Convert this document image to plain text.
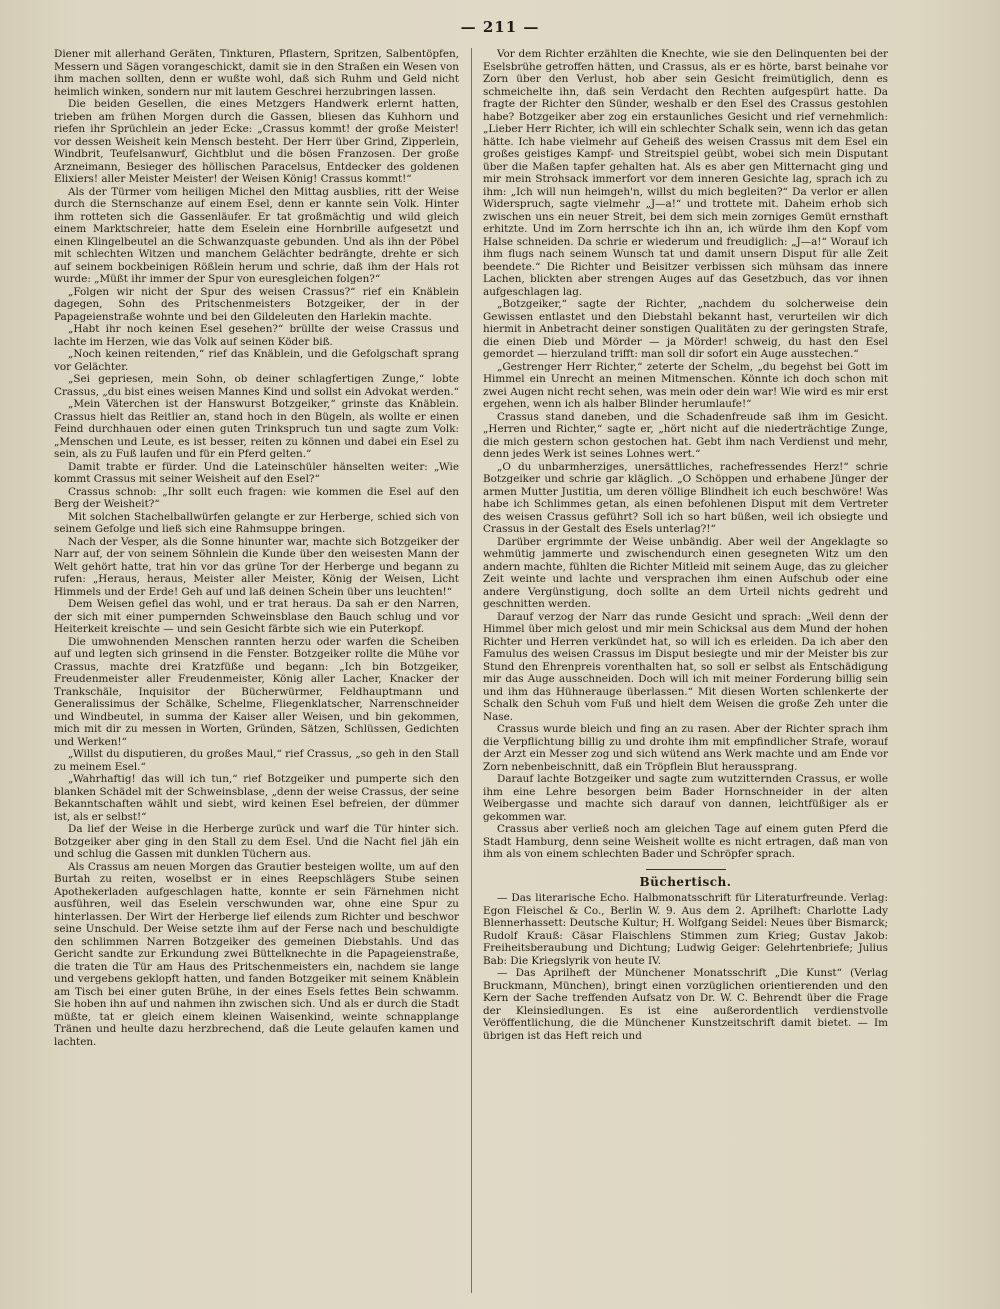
— 211 —

Diener mit allerhand Geräten, Tinkturen, Pflastern, Spritzen, Salbentöpfen, Messern und Sägen vorangeschickt, damit sie in den Straßen ein Wesen von ihm machen sollten, denn er wußte wohl, daß sich Ruhm und Geld nicht heimlich winken, sondern nur mit lautem Geschrei herzubringen lassen.

Die beiden Gesellen, die eines Metzgers Handwerk erlernt hatten, trieben am frühen Morgen durch die Gassen, bliesen das Kuhhorn und riefen ihr Sprüchlein an jeder Ecke: „Crassus kommt! der große Meister! vor dessen Weisheit kein Mensch besteht. Der Herr über Grind, Zipperlein, Windbrit, Teufelsanwurf, Gichtblut und die bösen Franzosen. Der große Arzneimann, Besieger des höllischen Paracelsus, Entdecker des goldenen Elixiers! aller Meister Meister! der Weisen König! Crassus kommt!“

Als der Türmer vom heiligen Michel den Mittag ausblies, ritt der Weise durch die Sternschanze auf einem Esel, denn er kannte sein Volk. Hinter ihm rotteten sich die Gassenläufer. Er tat großmächtig und wild gleich einem Marktschreier, hatte dem Eselein eine Hornbrille aufgesetzt und einen Klingelbeutel an die Schwanzquaste gebunden. Und als ihn der Pöbel mit schlechten Witzen und manchem Gelächter bedrängte, drehte er sich auf seinem bockbeinigen Rößlein herum und schrie, daß ihm der Hals rot wurde: „Müßt ihr immer der Spur von euresgleichen folgen?“

„Folgen wir nicht der Spur des weisen Crassus?“ rief ein Knäblein dagegen, Sohn des Pritschenmeisters Botzgeiker, der in der Papageienstraße wohnte und bei den Gildeleuten den Harlekin machte.

„Habt ihr noch keinen Esel gesehen?“ brüllte der weise Crassus und lachte im Herzen, wie das Volk auf seinen Köder biß.

„Noch keinen reitenden,“ rief das Knäblein, und die Gefolgschaft sprang vor Gelächter.

„Sei gepriesen, mein Sohn, ob deiner schlagfertigen Zunge,“ lobte Crassus, „du bist eines weisen Mannes Kind und sollst ein Advokat werden.“

„Mein Väterchen ist der Hanswurst Botzgeiker,“ grinste das Knäblein. Crassus hielt das Reitlier an, stand hoch in den Bügeln, als wollte er einen Feind durchhauen oder einen guten Trinkspruch tun und sagte zum Volk: „Menschen und Leute, es ist besser, reiten zu können und dabei ein Esel zu sein, als zu Fuß laufen und für ein Pferd gelten.“

Damit trabte er fürder. Und die Lateinschüler hänselten weiter: „Wie kommt Crassus mit seiner Weisheit auf den Esel?“

Crassus schnob: „Ihr sollt euch fragen: wie kommen die Esel auf den Berg der Weisheit?“

Mit solchen Stachelballwürfen gelangte er zur Herberge, schied sich von seinem Gefolge und ließ sich eine Rahmsuppe bringen.

Nach der Vesper, als die Sonne hinunter war, machte sich Botzgeiker der Narr auf, der von seinem Söhnlein die Kunde über den weisesten Mann der Welt gehört hatte, trat hin vor das grüne Tor der Herberge und begann zu rufen: „Heraus, heraus, Meister aller Meister, König der Weisen, Licht Himmels und der Erde! Geh auf und laß deinen Schein über uns leuchten!“

Dem Weisen gefiel das wohl, und er trat heraus. Da sah er den Narren, der sich mit einer pumpernden Schweinsblase den Bauch schlug und vor Heiterkeit kreischte — und sein Gesicht färbte sich wie ein Puterkopf.

Die umwohnenden Menschen rannten herzu oder warfen die Scheiben auf und legten sich grinsend in die Fenster. Botzgeiker rollte die Mühe vor Crassus, machte drei Kratzfüße und begann: „Ich bin Botzgeiker, Freudenmeister aller Freudenmeister, König aller Lacher, Knacker der Trankschäle, Inquisitor der Bücherwürmer, Feldhauptmann und Generalissimus der Schälke, Schelme, Fliegenklatscher, Narrenschneider und Windbeutel, in summa der Kaiser aller Weisen, und bin gekommen, mich mit dir zu messen in Worten, Gründen, Sätzen, Schlüssen, Gedichten und Werken!“

„Willst du disputieren, du großes Maul,“ rief Crassus, „so geh in den Stall zu meinem Esel.“

„Wahrhaftig! das will ich tun,“ rief Botzgeiker und pumperte sich den blanken Schädel mit der Schweinsblase, „denn der weise Crassus, der seine Bekanntschaften wählt und siebt, wird keinen Esel befreien, der dümmer ist, als er selbst!“

Da lief der Weise in die Herberge zurück und warf die Tür hinter sich. Botzgeiker aber ging in den Stall zu dem Esel. Und die Nacht fiel jäh ein und schlug die Gassen mit dunklen Tüchern aus.

Als Crassus am neuen Morgen das Grautier besteigen wollte, um auf den Burtah zu reiten, woselbst er in eines Reepschlägers Stube seinen Apothekerladen aufgeschlagen hatte, konnte er sein Färnehmen nicht ausführen, weil das Eselein verschwunden war, ohne eine Spur zu hinterlassen. Der Wirt der Herberge lief eilends zum Richter und beschwor seine Unschuld. Der Weise setzte ihm auf der Ferse nach und beschuldigte den schlimmen Narren Botzgeiker des gemeinen Diebstahls. Und das Gericht sandte zur Erkundung zwei Büttelknechte in die Papageienstraße, die traten die Tür am Haus des Pritschenmeisters ein, nachdem sie lange und vergebens geklopft hatten, und fanden Botzgeiker mit seinem Knäblein am Tisch bei einer guten Brühe, in der eines Esels fettes Bein schwamm. Sie hoben ihn auf und nahmen ihn zwischen sich. Und als er durch die Stadt müßte, tat er gleich einem kleinen Waisenkind, weinte schnapplange Tränen und heulte dazu herzbrechend, daß die Leute gelaufen kamen und lachten.

Vor dem Richter erzählten die Knechte, wie sie den Delinquenten bei der Eselsbrühe getroffen hätten, und Crassus, als er es hörte, barst beinahe vor Zorn über den Verlust, hob aber sein Gesicht freimütiglich, denn es schmeichelte ihn, daß sein Verdacht den Rechten aufgespürt hatte. Da fragte der Richter den Sünder, weshalb er den Esel des Crassus gestohlen habe? Botzgeiker aber zog ein erstaunliches Gesicht und rief vernehmlich: „Lieber Herr Richter, ich will ein schlechter Schalk sein, wenn ich das getan hätte. Ich habe vielmehr auf Geheiß des weisen Crassus mit dem Esel ein großes geistiges Kampf- und Streitspiel geübt, wobei sich mein Disputant über die Maßen tapfer gehalten hat. Als es aber gen Mitternacht ging und mir mein Strohsack immerfort vor dem inneren Gesichte lag, sprach ich zu ihm: „Ich will nun heimgeh'n, willst du mich begleiten?“ Da verlor er allen Widerspruch, sagte vielmehr „J—a!“ und trottete mit. Daheim erhob sich zwischen uns ein neuer Streit, bei dem sich mein zorniges Gemüt ernsthaft erhitzte. Und im Zorn herrschte ich ihn an, ich würde ihm den Kopf vom Halse schneiden. Da schrie er wiederum und freudiglich: „J—a!“ Worauf ich ihm flugs nach seinem Wunsch tat und damit unsern Disput für alle Zeit beendete.“ Die Richter und Beisitzer verbissen sich mühsam das innere Lachen, blickten aber strengen Auges auf das Gesetzbuch, das vor ihnen aufgeschlagen lag.

„Botzgeiker,“ sagte der Richter, „nachdem du solcherweise dein Gewissen entlastet und den Diebstahl bekannt hast, verurteilen wir dich hiermit in Anbetracht deiner sonstigen Qualitäten zu der geringsten Strafe, die einen Dieb und Mörder — ja Mörder! schweig, du hast den Esel gemordet — hierzuland trifft: man soll dir sofort ein Auge ausstechen.“

„Gestrenger Herr Richter,“ zeterte der Schelm, „du begehst bei Gott im Himmel ein Unrecht an meinen Mitmenschen. Könnte ich doch schon mit zwei Augen nicht recht sehen, was mein oder dein war! Wie wird es mir erst ergehen, wenn ich als halber Blinder herumlaufe!“

Crassus stand daneben, und die Schadenfreude saß ihm im Gesicht. „Herren und Richter,“ sagte er, „hört nicht auf die niederträchtige Zunge, die mich gestern schon gestochen hat. Gebt ihm nach Verdienst und mehr, denn jedes Werk ist seines Lohnes wert.“

„O du unbarmherziges, unersättliches, rachefressendes Herz!“ schrie Botzgeiker und schrie gar kläglich. „O Schöppen und erhabene Jünger der armen Mutter Justitia, um deren völlige Blindheit ich euch beschwöre! Was habe ich Schlimmes getan, als einen befohlenen Disput mit dem Vertreter des weisen Crassus geführt? Soll ich so hart büßen, weil ich obsiegte und Crassus in der Gestalt des Esels unterlag?!“

Darüber ergrimmte der Weise unbändig. Aber weil der Angeklagte so wehmütig jammerte und zwischendurch einen gesegneten Witz um den andern machte, fühlten die Richter Mitleid mit seinem Auge, das zu gleicher Zeit weinte und lachte und versprachen ihm einen Aufschub oder eine andere Vergünstigung, doch sollte an dem Urteil nichts gedreht und geschnitten werden.

Darauf verzog der Narr das runde Gesicht und sprach: „Weil denn der Himmel über mich gelost und mir mein Schicksal aus dem Mund der hohen Richter und Herren verkündet hat, so will ich es erleiden. Da ich aber den Famulus des weisen Crassus im Disput besiegte und mir der Meister bis zur Stund den Ehrenpreis vorenthalten hat, so soll er selbst als Entschädigung mir das Auge ausschneiden. Doch will ich mit meiner Forderung billig sein und ihm das Hühnerauge überlassen.“ Mit diesen Worten schlenkerte der Schalk den Schuh vom Fuß und hielt dem Weisen die große Zeh unter die Nase.

Crassus wurde bleich und fing an zu rasen. Aber der Richter sprach ihm die Verpflichtung billig zu und drohte ihm mit empfindlicher Strafe, worauf der Arzt ein Messer zog und sich wütend ans Werk machte und am Ende vor Zorn nebenbeischnitt, daß ein Tröpflein Blut heraussprang.

Darauf lachte Botzgeiker und sagte zum wutzitternden Crassus, er wolle ihm eine Lehre besorgen beim Bader Hornschneider in der alten Weibergasse und machte sich darauf von dannen, leichtfüßiger als er gekommen war.

Crassus aber verließ noch am gleichen Tage auf einem guten Pferd die Stadt Hamburg, denn seine Weisheit wollte es nicht ertragen, daß man von ihm als von einem schlechten Bader und Schröpfer sprach.

Büchertisch.

— Das literarische Echo. Halbmonatsschrift für Literaturfreunde. Verlag: Egon Fleischel & Co., Berlin W. 9. Aus dem 2. Aprilheft: Charlotte Lady Blennerhassett: Deutsche Kultur; H. Wolfgang Seidel: Neues über Bismarck; Rudolf Krauß: Cäsar Flaischlens Stimmen zum Krieg; Gustav Jakob: Freiheitsberaubung und Dichtung; Ludwig Geiger: Gelehrtenbriefe; Julius Bab: Die Kriegslyrik von heute IV.

— Das Aprilheft der Münchener Monatsschrift „Die Kunst“ (Verlag Bruckmann, München), bringt einen vorzüglichen orientierenden und den Kern der Sache treffenden Aufsatz von Dr. W. C. Behrendt über die Frage der Kleinsiedlungen. Es ist eine außerordentlich verdienstvolle Veröffentlichung, die die Münchener Kunstzeitschrift damit bietet. — Im übrigen ist das Heft reich und
